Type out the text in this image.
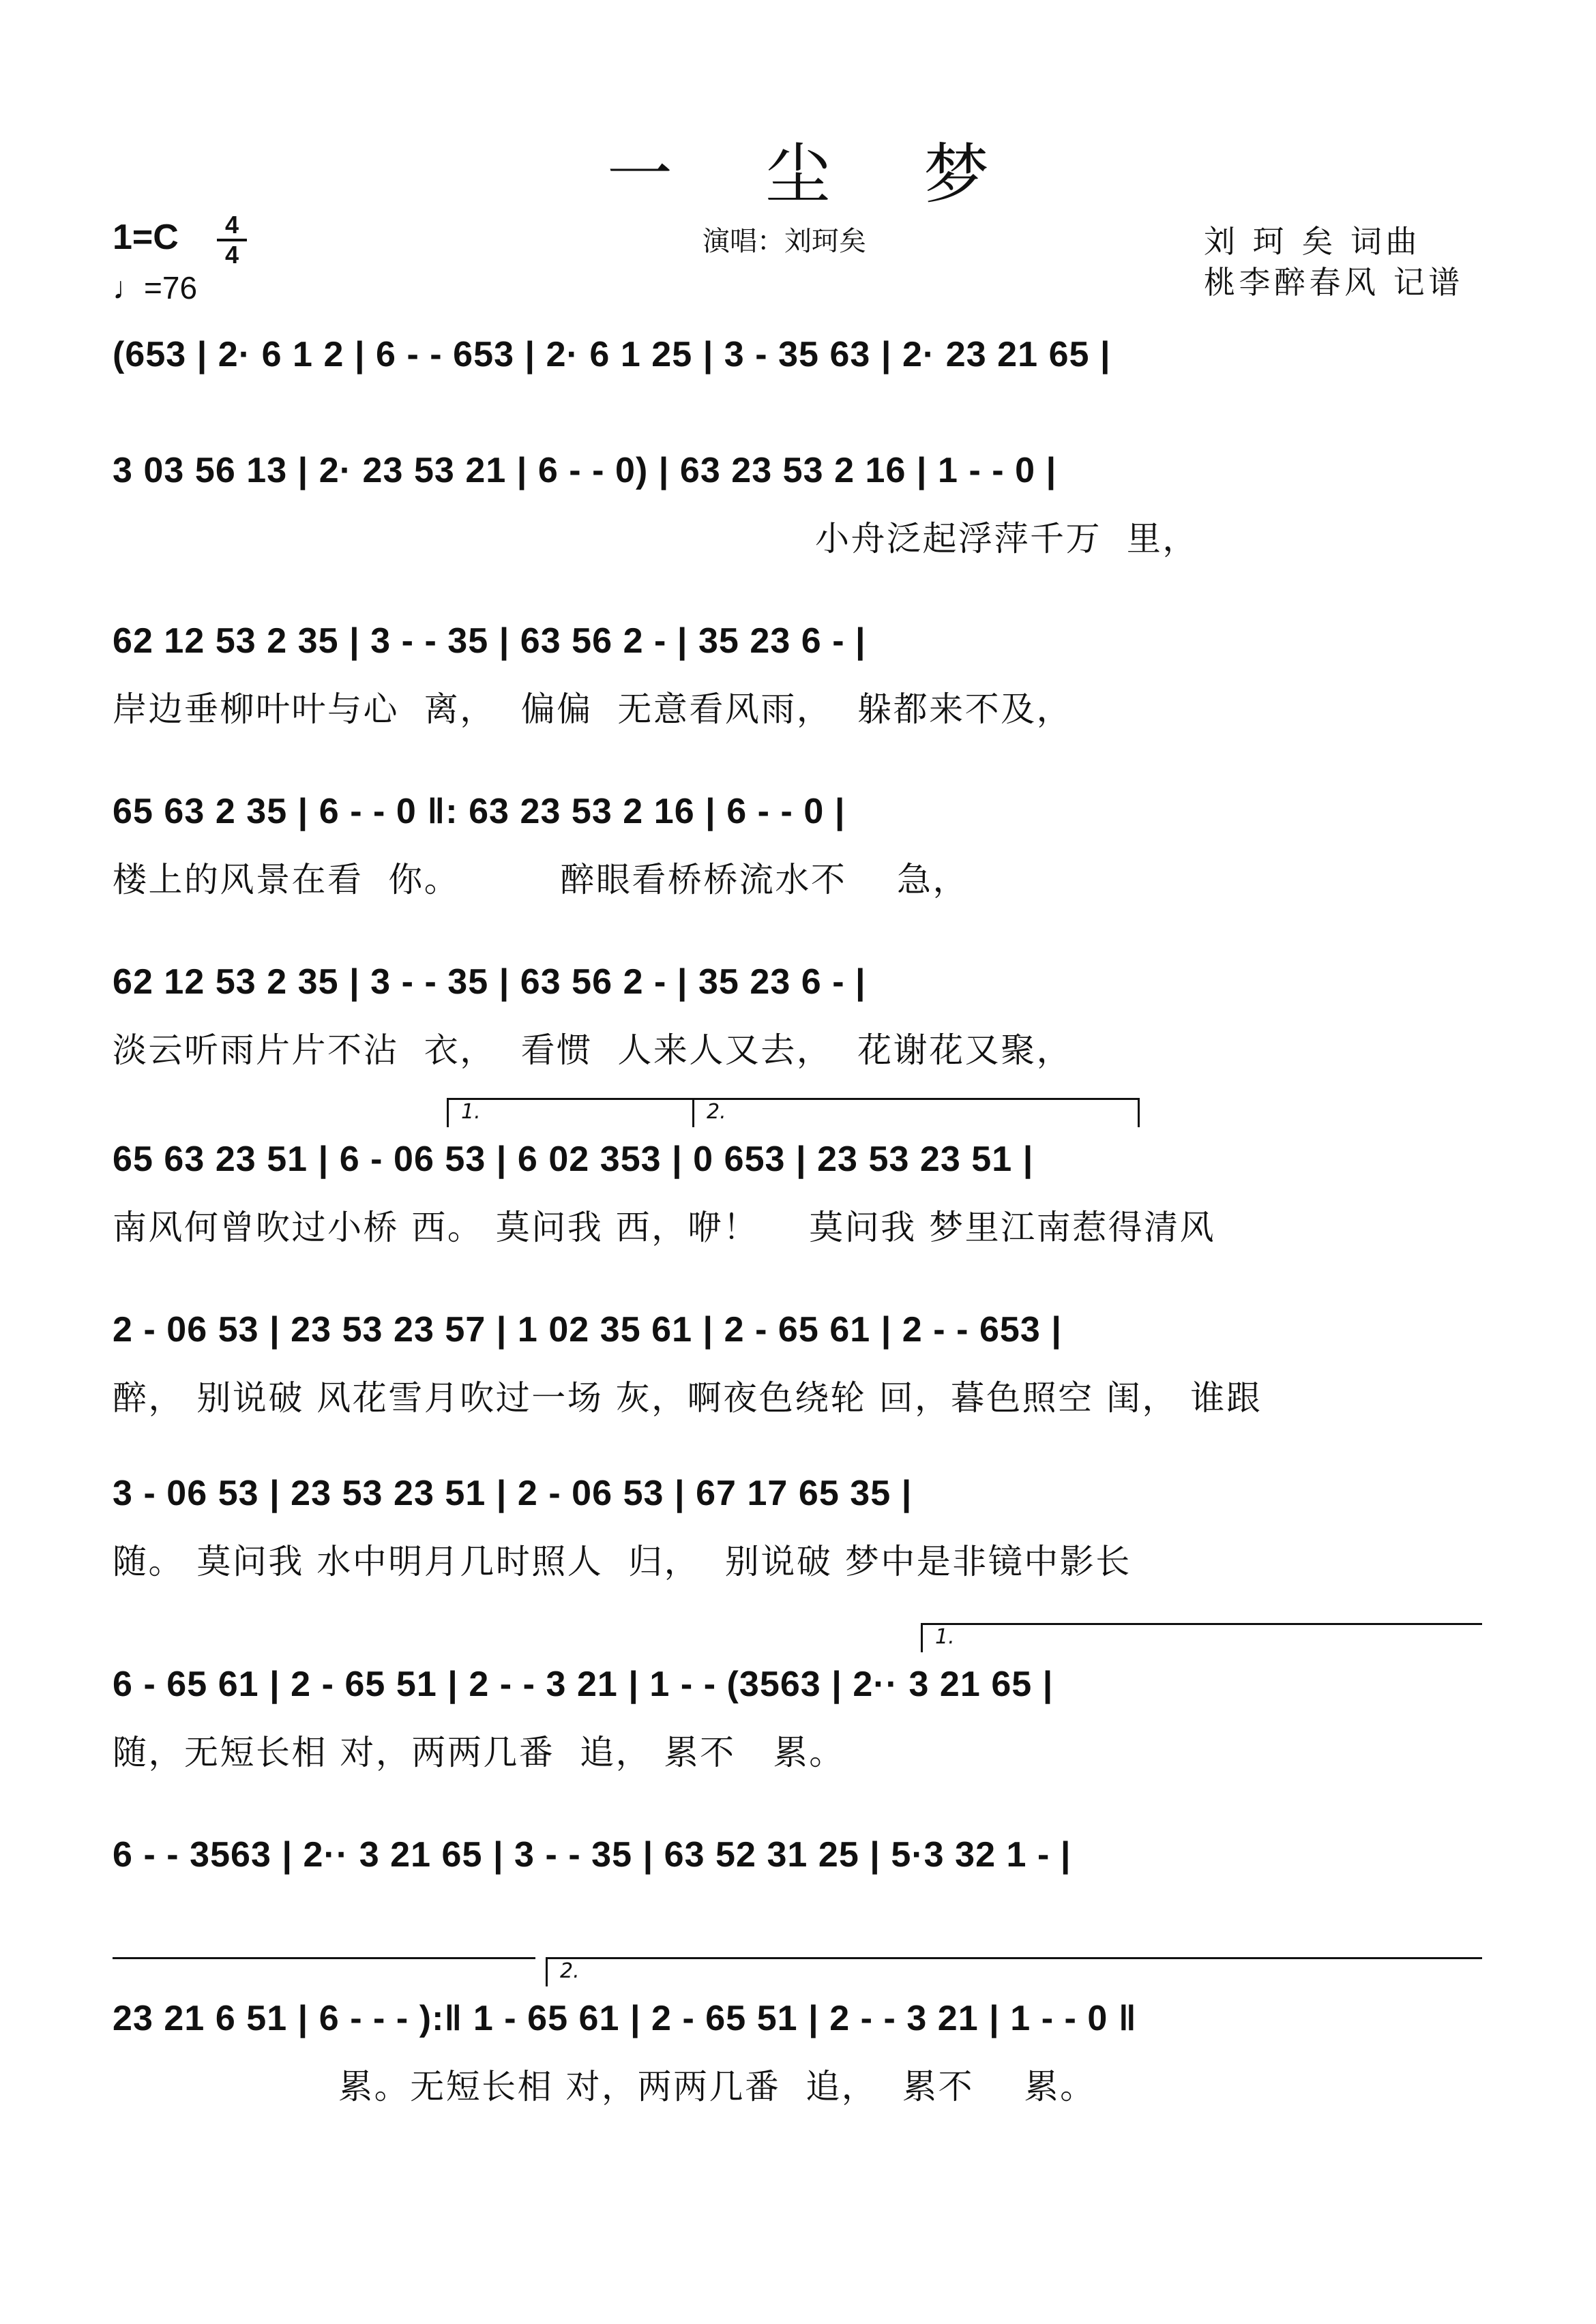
一 尘 梦
演唱：刘珂矣
1=C	4
4
♩=76
刘 珂 矣 词曲
桃李醉春风 记谱
(653 | 2· 6 1 2 | 6 - - 653 | 2· 6 1 25 | 3 - 35 63 | 2· 23 21 65 |
3 03 56 13 | 2· 23 53 21 | 6 - - 0) | 63 23 53 2 16 | 1 - - 0 |
小舟泛起浮萍千万  里，
62 12 53 2 35 | 3 - - 35 | 63 56 2 - | 35 23 6 - |
岸边垂柳叶叶与心  离，  偏偏  无意看风雨，  躲都来不及，
65 63 2 35 | 6 - - 0 ‖: 63 23 53 2 16 | 6 - - 0 |
楼上的风景在看  你。        醉眼看桥桥流水不    急，
62 12 53 2 35 | 3 - - 35 | 63 56 2 - | 35 23 6 - |
淡云听雨片片不沾  衣，  看惯  人来人又去，  花谢花又聚，
1.	2.
65 63 23 51 | 6 - 06 53 | 6 02 353 | 0 653 | 23 53 23 51 |
南风何曾吹过小桥 西。 莫问我 西，咿！    莫问我 梦里江南惹得清风
2 - 06 53 | 23 53 23 57 | 1 02 35 61 | 2 - 65 61 | 2 - - 653 |
醉， 别说破 风花雪月吹过一场 灰，啊夜色绕轮 回，暮色照空 闺， 谁跟
3 - 06 53 | 23 53 23 51 | 2 - 06 53 | 67 17 65 35 |
随。 莫问我 水中明月几时照人  归，  别说破 梦中是非镜中影长
1.
6 - 65 61 | 2 - 65 51 | 2 - - 3 21 | 1 - - (3563 | 2·· 3 21 65 |
随，无短长相 对，两两几番  追， 累不   累。
6 - - 3563 | 2·· 3 21 65 | 3 - - 35 | 63 52 31 25 | 5·3 32 1 - |
2.
23 21 6 51 | 6 - - - ):‖ 1 - 65 61 | 2 - 65 51 | 2 - - 3 21 | 1 - - 0 ‖
累。无短长相 对，两两几番  追，  累不    累。
